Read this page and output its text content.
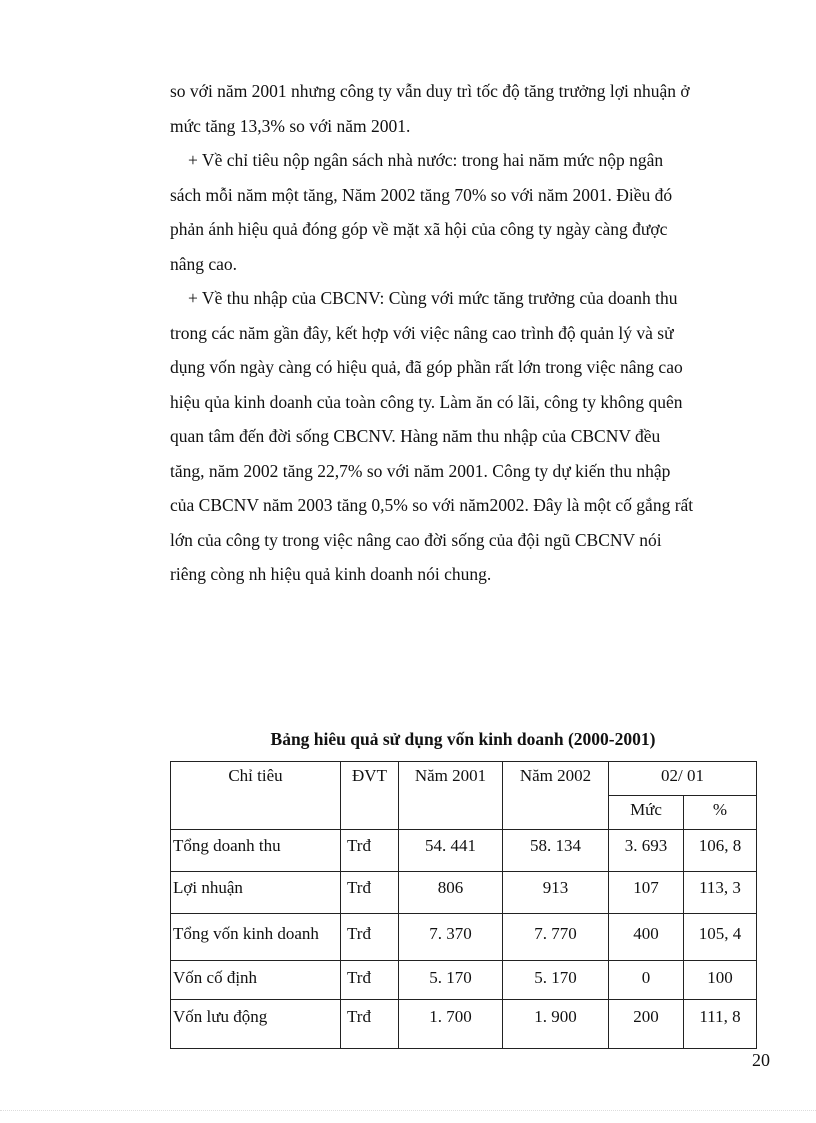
so với năm 2001 nhưng công ty vẫn duy trì tốc độ tăng trưởng lợi nhuận ở
mức tăng 13,3% so với năm 2001.
+ Về chỉ tiêu nộp ngân sách nhà nước: trong hai năm mức nộp ngân
sách mỗi năm một tăng, Năm 2002 tăng 70% so với năm 2001. Điều đó
phản ánh hiệu quả đóng góp về mặt xã hội của công ty ngày càng được
nâng cao.
+ Về thu nhập của CBCNV: Cùng với mức tăng trưởng của doanh thu
trong các năm gần đây, kết hợp với việc nâng cao trình độ quản lý và sử
dụng vốn ngày càng có hiệu quả, đã góp phần rất lớn trong việc nâng cao
hiệu qủa kinh doanh của toàn công ty. Làm ăn có lãi, công ty không quên
quan tâm đến đời sống CBCNV. Hàng năm thu nhập của CBCNV đều
tăng, năm 2002 tăng 22,7% so với năm 2001. Công ty dự kiến thu nhập
của CBCNV năm 2003 tăng 0,5% so với năm2002. Đây là một cố gắng rất
lớn của công ty trong việc nâng cao đời sống của đội ngũ CBCNV nói
riêng còng nh hiệu quả kinh doanh nói chung.
Bảng hiêu quả sử dụng vốn kinh doanh (2000-2001)
Chỉ tiêu	ĐVT	Năm 2001	Năm 2002	02/ 01	
				Mức	%
Tổng doanh thu	Trđ	54. 441	58. 134	3. 693	106, 8
Lợi nhuận	Trđ	806	913	107	113, 3
Tổng vốn kinh doanh	Trđ	7. 370	7. 770	400	105, 4
Vốn cố định	Trđ	5. 170	5. 170	0	100
Vốn lưu động	Trđ	1. 700	1. 900	200	111, 8
20
